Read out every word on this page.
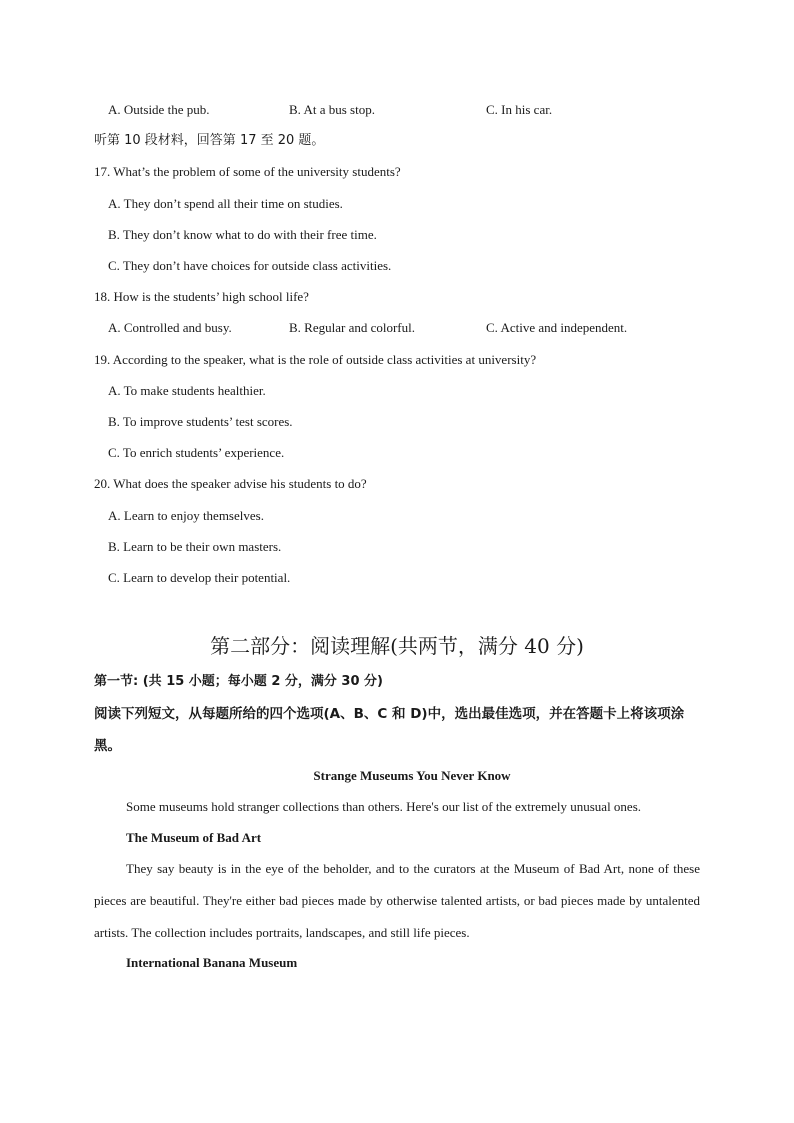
A. Outside the pub.	B. At a bus stop.	C. In his car.
听第 10 段材料，回答第 17 至 20 题。
17. What’s the problem of some of the university students?
A. They don’t spend all their time on studies.
B. They don’t know what to do with their free time.
C. They don’t have choices for outside class activities.
18. How is the students’ high school life?
A. Controlled and busy.	B. Regular and colorful.	C. Active and independent.
19. According to the speaker, what is the role of outside class activities at university?
A. To make students healthier.
B. To improve students’ test scores.
C. To enrich students’ experience.
20. What does the speaker advise his students to do?
A. Learn to enjoy themselves.
B. Learn to be their own masters.
C. Learn to develop their potential.
第二部分：阅读理解(共两节，满分 40 分)
第一节: (共 15 小题；每小题 2 分，满分 30 分)
阅读下列短文，从每题所给的四个选项(A、B、C 和 D)中，选出最佳选项，并在答题卡上将该项涂黑。
Strange Museums You Never Know
Some museums hold stranger collections than others. Here's our list of the extremely unusual ones.
The Museum of Bad Art
They say beauty is in the eye of the beholder, and to the curators at the Museum of Bad Art, none of these pieces are beautiful. They're either bad pieces made by otherwise talented artists, or bad pieces made by untalented artists. The collection includes portraits, landscapes, and still life pieces.
International Banana Museum
